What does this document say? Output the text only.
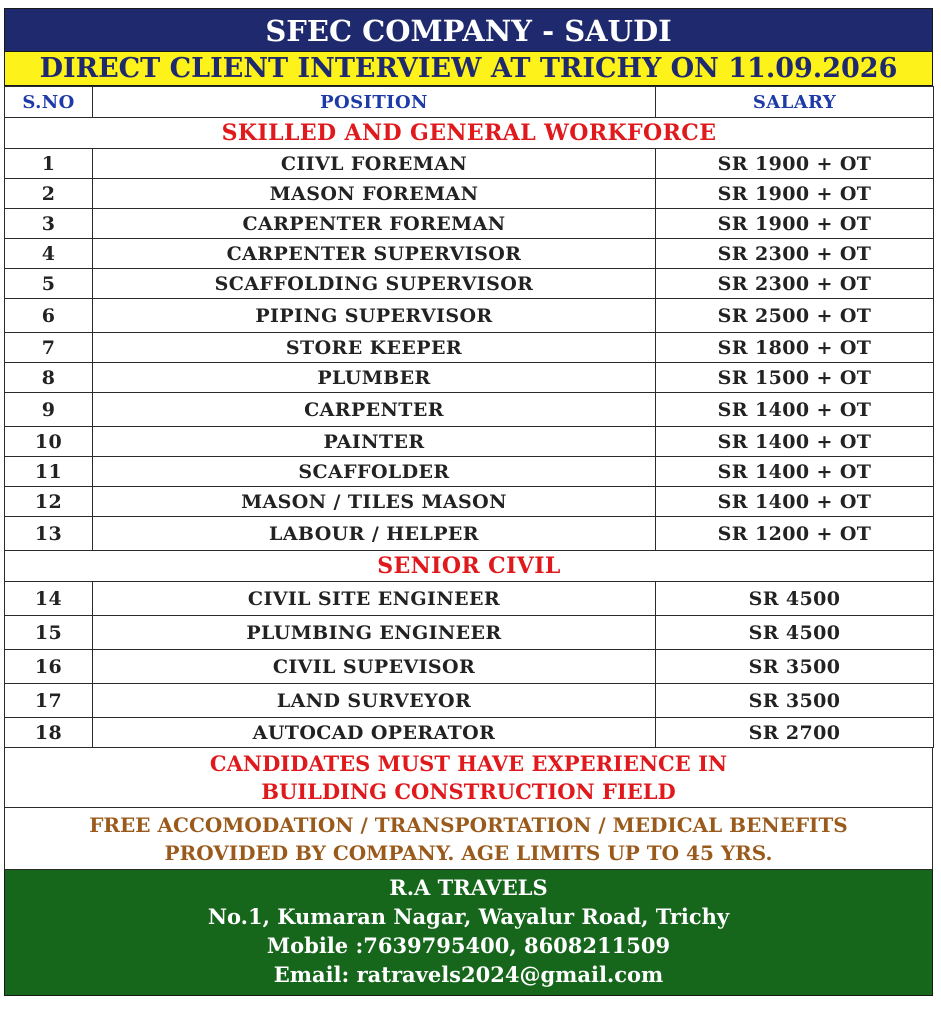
SFEC COMPANY - SAUDI
DIRECT CLIENT INTERVIEW AT TRICHY ON 11.09.2026
S.NO	POSITION	SALARY
SKILLED AND GENERAL WORKFORCE		
1	CIIVL FOREMAN	SR 1900 + OT
2	MASON FOREMAN	SR 1900 + OT
3	CARPENTER FOREMAN	SR 1900 + OT
4	CARPENTER SUPERVISOR	SR 2300 + OT
5	SCAFFOLDING SUPERVISOR	SR 2300 + OT
6	PIPING SUPERVISOR	SR 2500 + OT
7	STORE KEEPER	SR 1800 + OT
8	PLUMBER	SR 1500 + OT
9	CARPENTER	SR 1400 + OT
10	PAINTER	SR 1400 + OT
11	SCAFFOLDER	SR 1400 + OT
12	MASON / TILES MASON	SR 1400 + OT
13	LABOUR / HELPER	SR 1200 + OT
SENIOR CIVIL		
14	CIVIL SITE ENGINEER	SR 4500
15	PLUMBING ENGINEER	SR 4500
16	CIVIL SUPEVISOR	SR 3500
17	LAND SURVEYOR	SR 3500
18	AUTOCAD OPERATOR	SR 2700
CANDIDATES MUST HAVE EXPERIENCE IN
BUILDING CONSTRUCTION FIELD
FREE ACCOMODATION / TRANSPORTATION / MEDICAL BENEFITS
PROVIDED BY COMPANY. AGE LIMITS UP TO 45 YRS.
R.A TRAVELS
No.1, Kumaran Nagar, Wayalur Road, Trichy
Mobile :7639795400, 8608211509
Email: ratravels2024@gmail.com
